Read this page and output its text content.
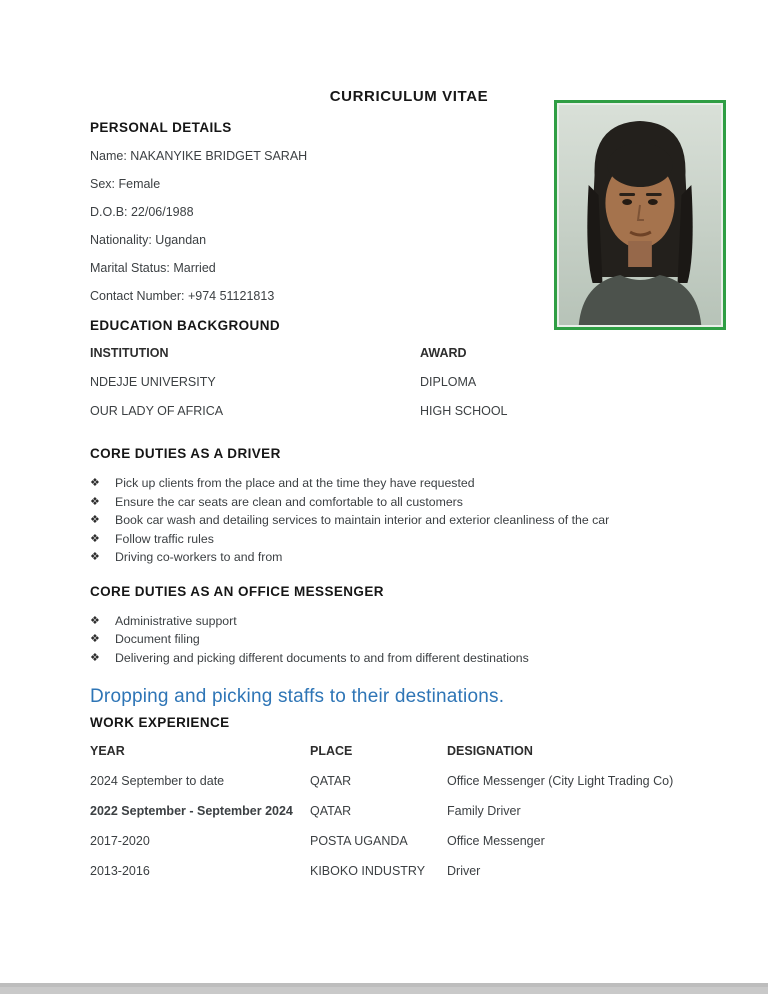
CURRICULUM VITAE
PERSONAL DETAILS
Name: NAKANYIKE BRIDGET SARAH
Sex: Female
D.O.B: 22/06/1988
Nationality: Ugandan
Marital Status: Married
Contact Number: +974 51121813
EDUCATION BACKGROUND
INSTITUTION	AWARD
NDEJJE UNIVERSITY	DIPLOMA
OUR LADY OF AFRICA	HIGH SCHOOL
CORE DUTIES AS A DRIVER
❖	Pick up clients from the place and at the time they have requested
❖	Ensure the car seats are clean and comfortable to all customers
❖	Book car wash and detailing services to maintain interior and exterior cleanliness of the car
❖	Follow traffic rules
❖	Driving co-workers to and from
CORE DUTIES AS AN OFFICE MESSENGER
❖	Administrative support
❖	Document filing
❖	Delivering and picking different documents to and from different destinations
Dropping and picking staffs to their destinations.
WORK EXPERIENCE
YEAR	PLACE	DESIGNATION
2024 September to date	QATAR	Office Messenger (City Light Trading Co)
2022 September - September 2024	QATAR	Family Driver
2017-2020	POSTA UGANDA	Office Messenger
2013-2016	KIBOKO INDUSTRY	Driver
